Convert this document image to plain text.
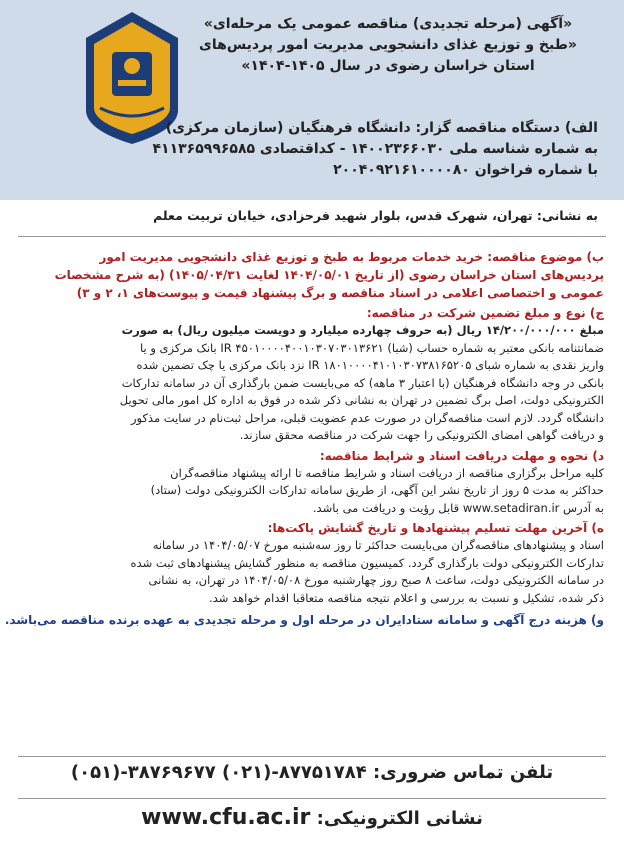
«آگهی (مرحله تجدیدی) مناقصه عمومی یک مرحله‌ای»
«طبخ و توزیع غذای دانشجویی مدیریت امور پردیس‌های
استان خراسان رضوی در سال ۱۴۰۵-۱۴۰۴»
الف) دستگاه مناقصه گزار: دانشگاه فرهنگیان (سازمان مرکزی)
به شماره شناسه ملی ۱۴۰۰۲۳۶۶۰۳۰ - کداقتصادی ۴۱۱۳۶۵۹۹۶۵۸۵
با شماره فراخوان ۲۰۰۴۰۹۲۱۶۱۰۰۰۰۸۰
به نشانی: تهران، شهرک قدس، بلوار شهید فرحزادی، خیابان تربیت معلم
ب) موضوع مناقصه: خرید خدمات مربوط به طبخ و توزیع غذای دانشجویی مدیریت امور
پردیس‌های استان خراسان رضوی (از تاریخ ۱۴۰۴/۰۵/۰۱ لغایت ۱۴۰۵/۰۴/۳۱) (به شرح مشخصات
عمومی و اختصاصی اعلامی در اسناد مناقصه و برگ پیشنهاد قیمت و پیوست‌های ۱، ۲ و ۳)
ج) نوع و مبلغ تضمین شرکت در مناقصه:
مبلغ ۱۴/۲۰۰/۰۰۰/۰۰۰ ریال (به حروف چهارده میلیارد و دویست میلیون ریال) به صورت
ضمانتنامه بانکی معتبر به شماره حساب (شبا) IR ۴۵۰۱۰۰۰۰۴۰۰۱۰۳۰۷۰۳۰۱۳۶۲۱ بانک مرکزی و یا
واریز نقدی به شماره شبای IR ۱۸۰۱۰۰۰۰۴۱۰۱۰۳۰۷۳۸۱۶۵۲۰۵ نزد بانک مرکزی یا چک تضمین شده
بانکی در وجه دانشگاه فرهنگیان (با اعتبار ۳ ماهه) که می‌بایست ضمن بارگذاری آن در سامانه تدارکات
الکترونیکی دولت، اصل برگ تضمین در تهران به نشانی ذکر شده در فوق به اداره کل امور مالی تحویل
دانشگاه گردد. لازم است مناقصه‌گران در صورت عدم عضویت قبلی، مراحل ثبت‌نام در سایت مذکور
و دریافت گواهی امضای الکترونیکی را جهت شرکت در مناقصه محقق سازند.
د) نحوه و مهلت دریافت اسناد و شرایط مناقصه:
کلیه مراحل برگزاری مناقصه از دریافت اسناد و شرایط مناقصه تا ارائه پیشنهاد مناقصه‌گران
حداکثر به مدت ۵ روز از تاریخ نشر این آگهی، از طریق سامانه تدارکات الکترونیکی دولت (ستاد)
به آدرس www.setadiran.ir قابل رؤیت و دریافت می باشد.
ه) آخرین مهلت تسلیم پیشنهادها و تاریخ گشایش پاکت‌ها:
اسناد و پیشنهادهای مناقصه‌گران می‌بایست حداکثر تا روز سه‌شنبه مورخ ۱۴۰۴/۰۵/۰۷ در سامانه
تدارکات الکترونیکی دولت بارگذاری گردد. کمیسیون مناقصه به منظور گشایش پیشنهادهای ثبت شده
در سامانه الکترونیکی دولت، ساعت ۸ صبح روز چهارشنبه مورخ ۱۴۰۴/۰۵/۰۸ در تهران، به نشانی
ذکر شده، تشکیل و نسبت به بررسی و اعلام نتیجه مناقصه متعاقبا اقدام خواهد شد.
و) هزینه درج آگهی و سامانه ستادایران در مرحله اول و مرحله تجدیدی به عهده برنده مناقصه می‌باشد.
تلفن تماس ضروری: ۸۷۷۵۱۷۸۴-(۰۲۱) ۳۸۷۶۹۶۷۷-(۰۵۱)
نشانی الکترونیکی: www.cfu.ac.ir
